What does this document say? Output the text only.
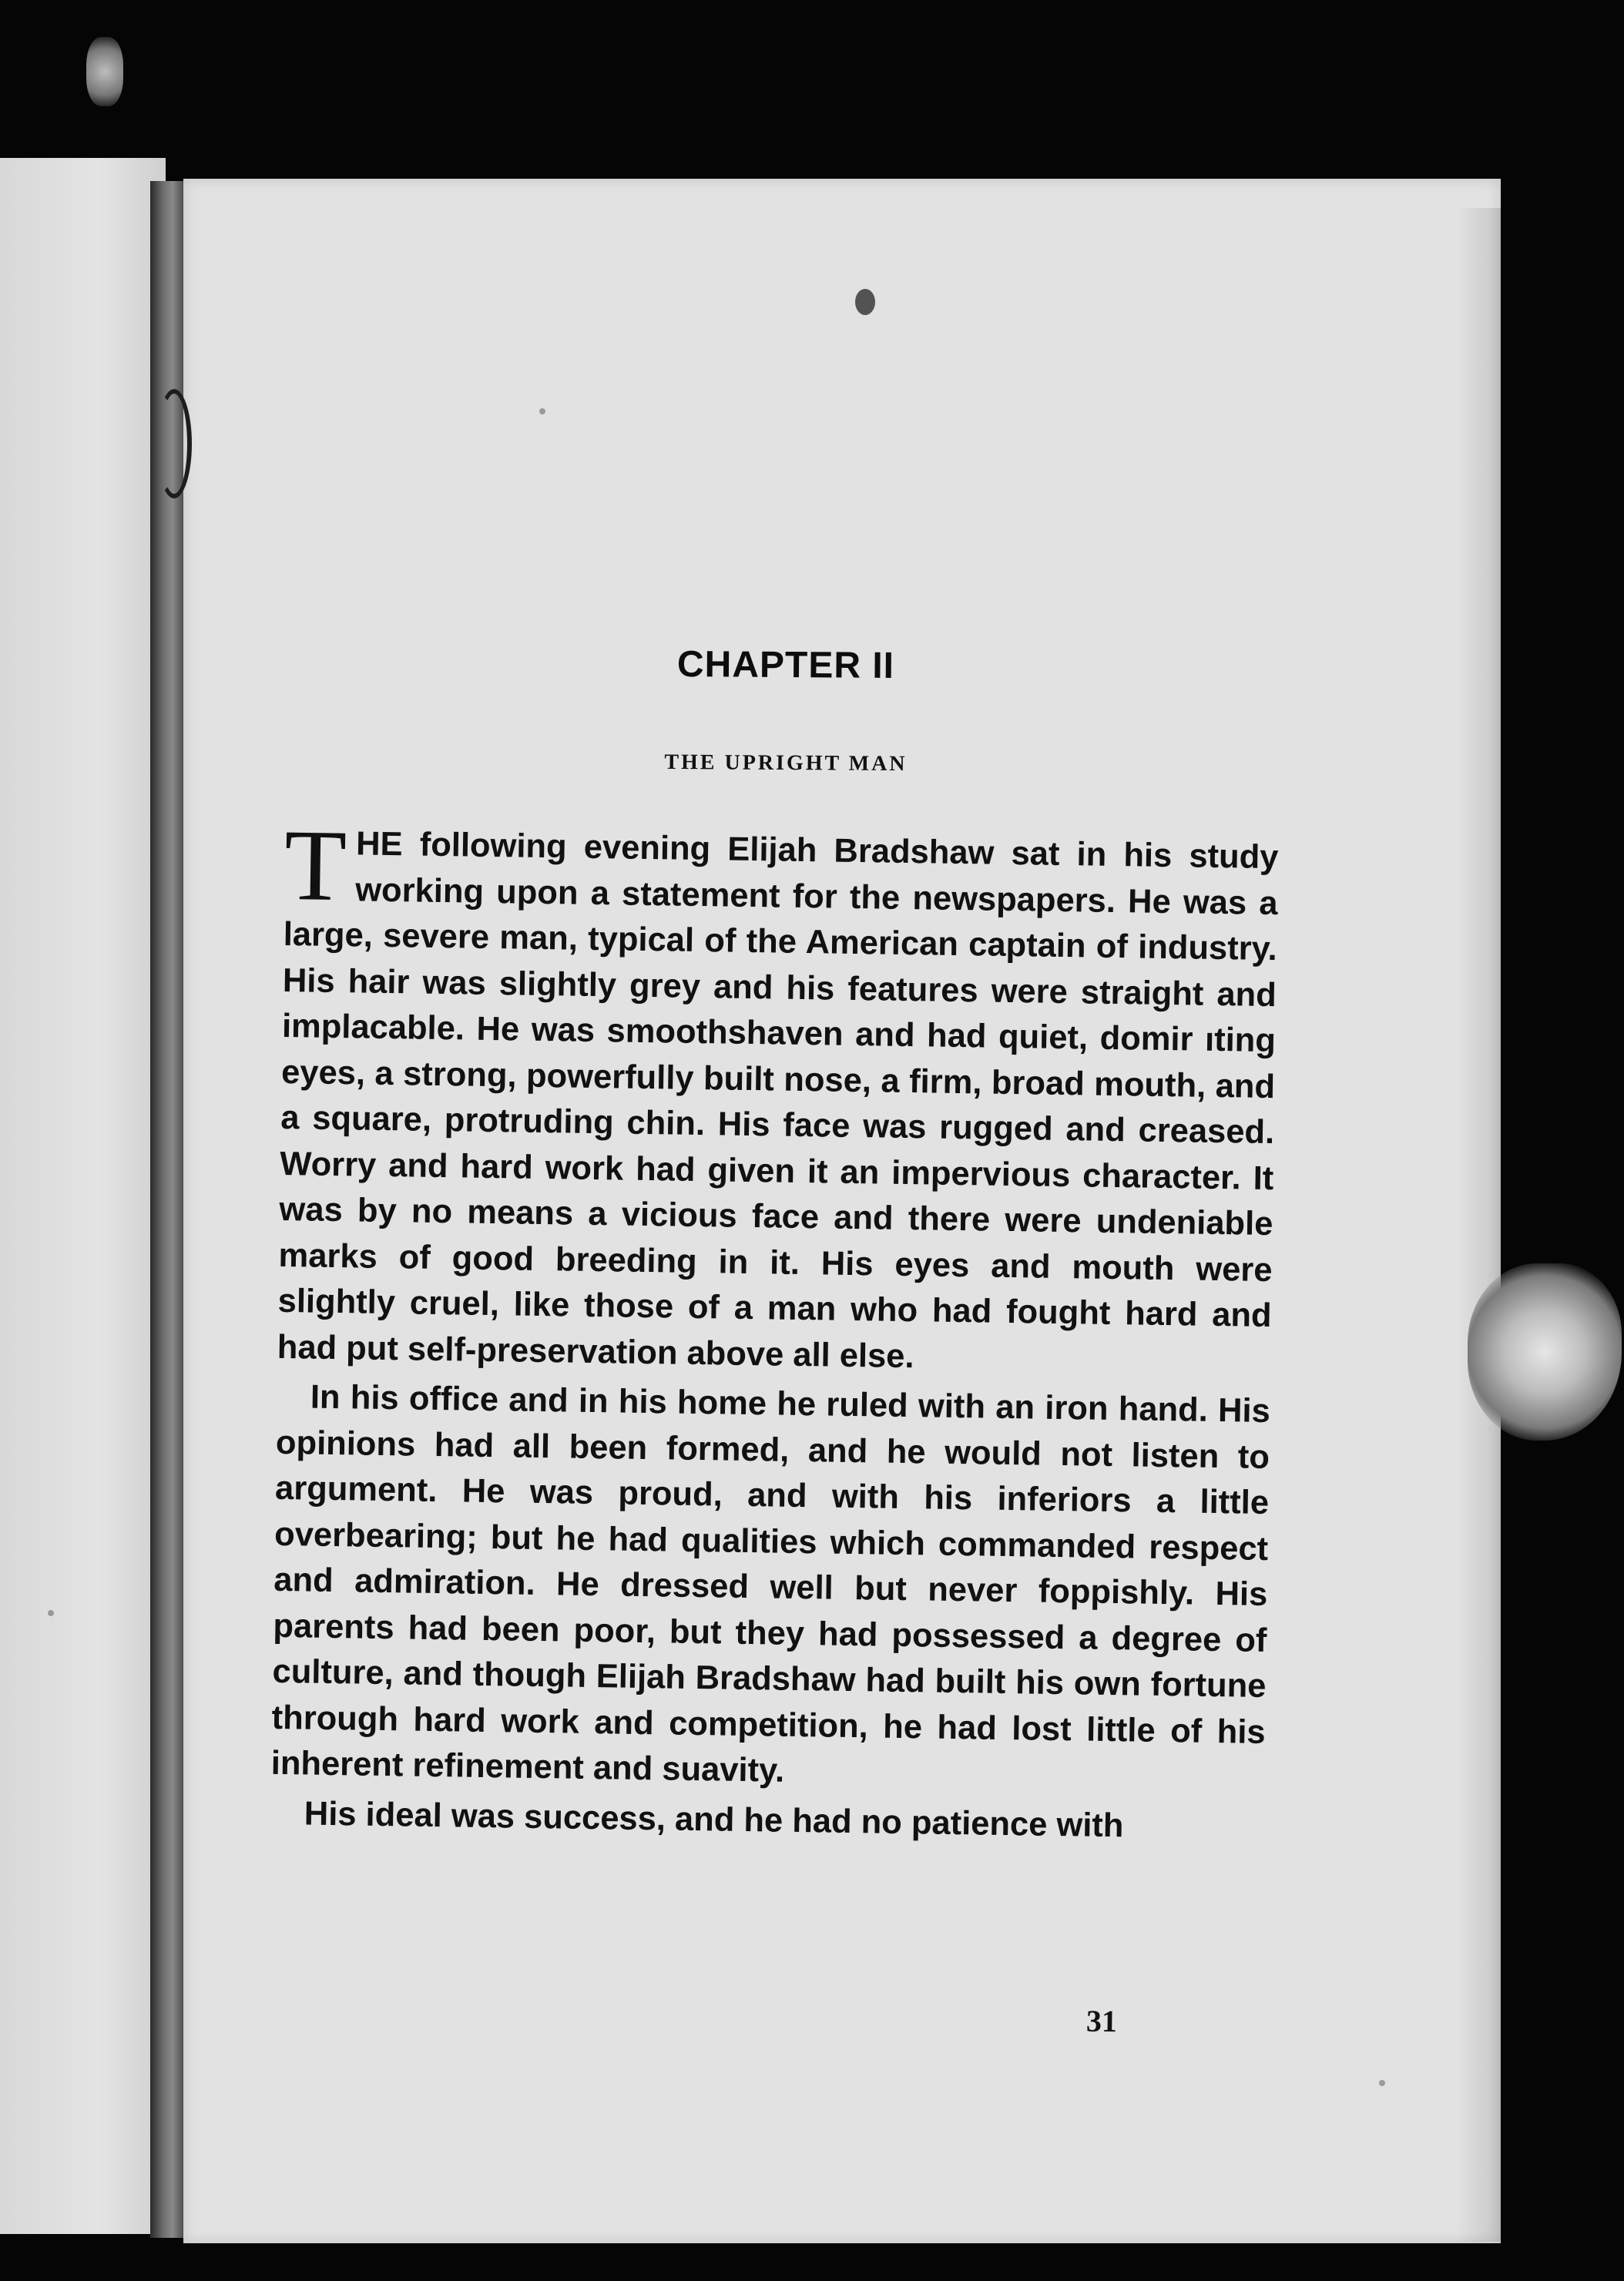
CHAPTER II
THE UPRIGHT MAN

THE following evening Elijah Bradshaw sat in his study working upon a statement for the newspapers. He was a large, severe man, typical of the American captain of industry. His hair was slightly grey and his features were straight and implacable. He was smoothshaven and had quiet, domir ıting eyes, a strong, powerfully built nose, a firm, broad mouth, and a square, protruding chin. His face was rugged and creased. Worry and hard work had given it an impervious character. It was by no means a vicious face and there were undeniable marks of good breeding in it. His eyes and mouth were slightly cruel, like those of a man who had fought hard and had put self-preservation above all else.

In his office and in his home he ruled with an iron hand. His opinions had all been formed, and he would not listen to argument. He was proud, and with his inferiors a little overbearing; but he had qualities which commanded respect and admiration. He dressed well but never foppishly. His parents had been poor, but they had possessed a degree of culture, and though Elijah Bradshaw had built his own fortune through hard work and competition, he had lost little of his inherent refinement and suavity.

His ideal was success, and he had no patience with

31
